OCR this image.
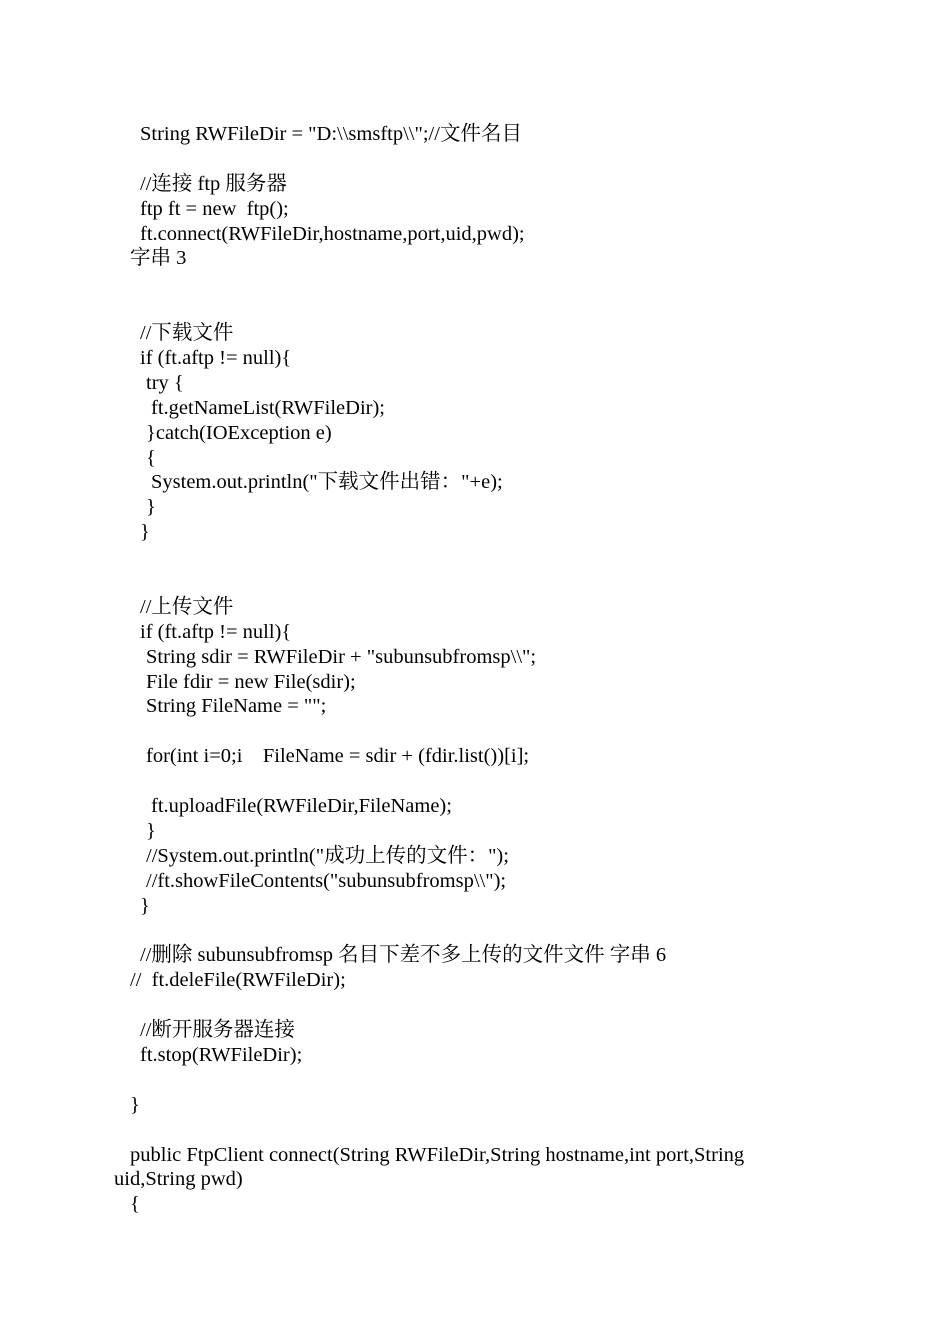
String RWFileDir = "D:\\smsftp\\";//文件名目
//连接 ftp 服务器
ftp ft = new  ftp();
ft.connect(RWFileDir,hostname,port,uid,pwd);
字串 3
//下载文件
if (ft.aftp != null){
try {
ft.getNameList(RWFileDir);
}catch(IOException e)
{
System.out.println("下载文件出错："+e);
}
}
//上传文件
if (ft.aftp != null){
String sdir = RWFileDir + "subunsubfromsp\\";
File fdir = new File(sdir);
String FileName = "";
for(int i=0;i    FileName = sdir + (fdir.list())[i];
ft.uploadFile(RWFileDir,FileName);
}
//System.out.println("成功上传的文件：");
//ft.showFileContents("subunsubfromsp\\");
}
//删除 subunsubfromsp 名目下差不多上传的文件文件 字串 6
//  ft.deleFile(RWFileDir);
//断开服务器连接
ft.stop(RWFileDir);
}
public FtpClient connect(String RWFileDir,String hostname,int port,String uid,String pwd)
{
